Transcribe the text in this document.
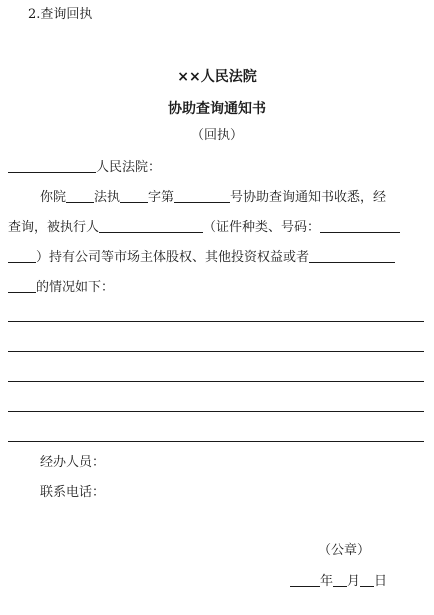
2.查询回执
××人民法院
协助查询通知书
（回执）
人民法院：
你院 法执 字第	号协助查询通知书收悉，经
查询，被执行人	（证件种类、号码：
）持有公司等市场主体股权、其他投资权益或者
的情况如下：
经办人员：
联系电话：
（公章）
年 月 日
